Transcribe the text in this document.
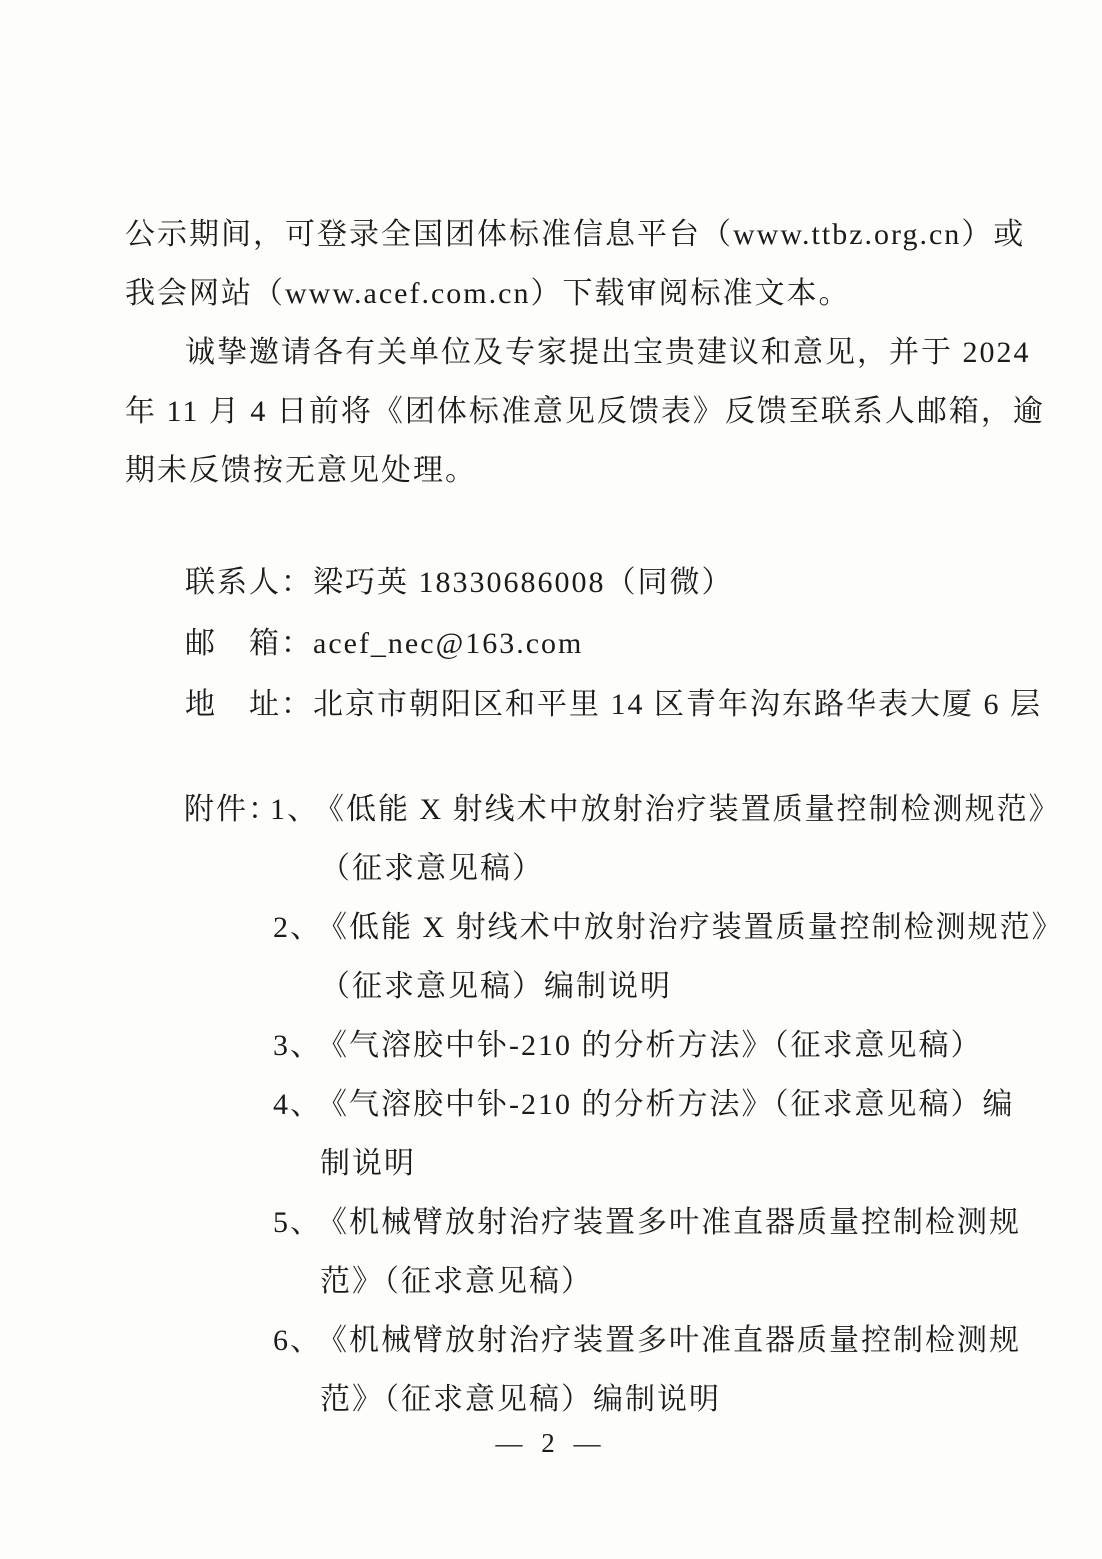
公示期间，可登录全国团体标准信息平台（www.ttbz.org.cn）或
我会网站（www.acef.com.cn）下载审阅标准文本。
诚挚邀请各有关单位及专家提出宝贵建议和意见，并于 2024
年 11 月 4 日前将《团体标准意见反馈表》反馈至联系人邮箱，逾
期未反馈按无意见处理。
联系人：梁巧英 18330686008（同微）
邮　箱：acef_nec@163.com
地　址：北京市朝阳区和平里 14 区青年沟东路华表大厦 6 层
附件：1、《低能 X 射线术中放射治疗装置质量控制检测规范》
（征求意见稿）
2、《低能 X 射线术中放射治疗装置质量控制检测规范》
（征求意见稿）编制说明
3、《气溶胶中钋-210 的分析方法》（征求意见稿）
4、《气溶胶中钋-210 的分析方法》（征求意见稿）编
制说明
5、《机械臂放射治疗装置多叶准直器质量控制检测规
范》（征求意见稿）
6、《机械臂放射治疗装置多叶准直器质量控制检测规
范》（征求意见稿）编制说明
— 2 —
